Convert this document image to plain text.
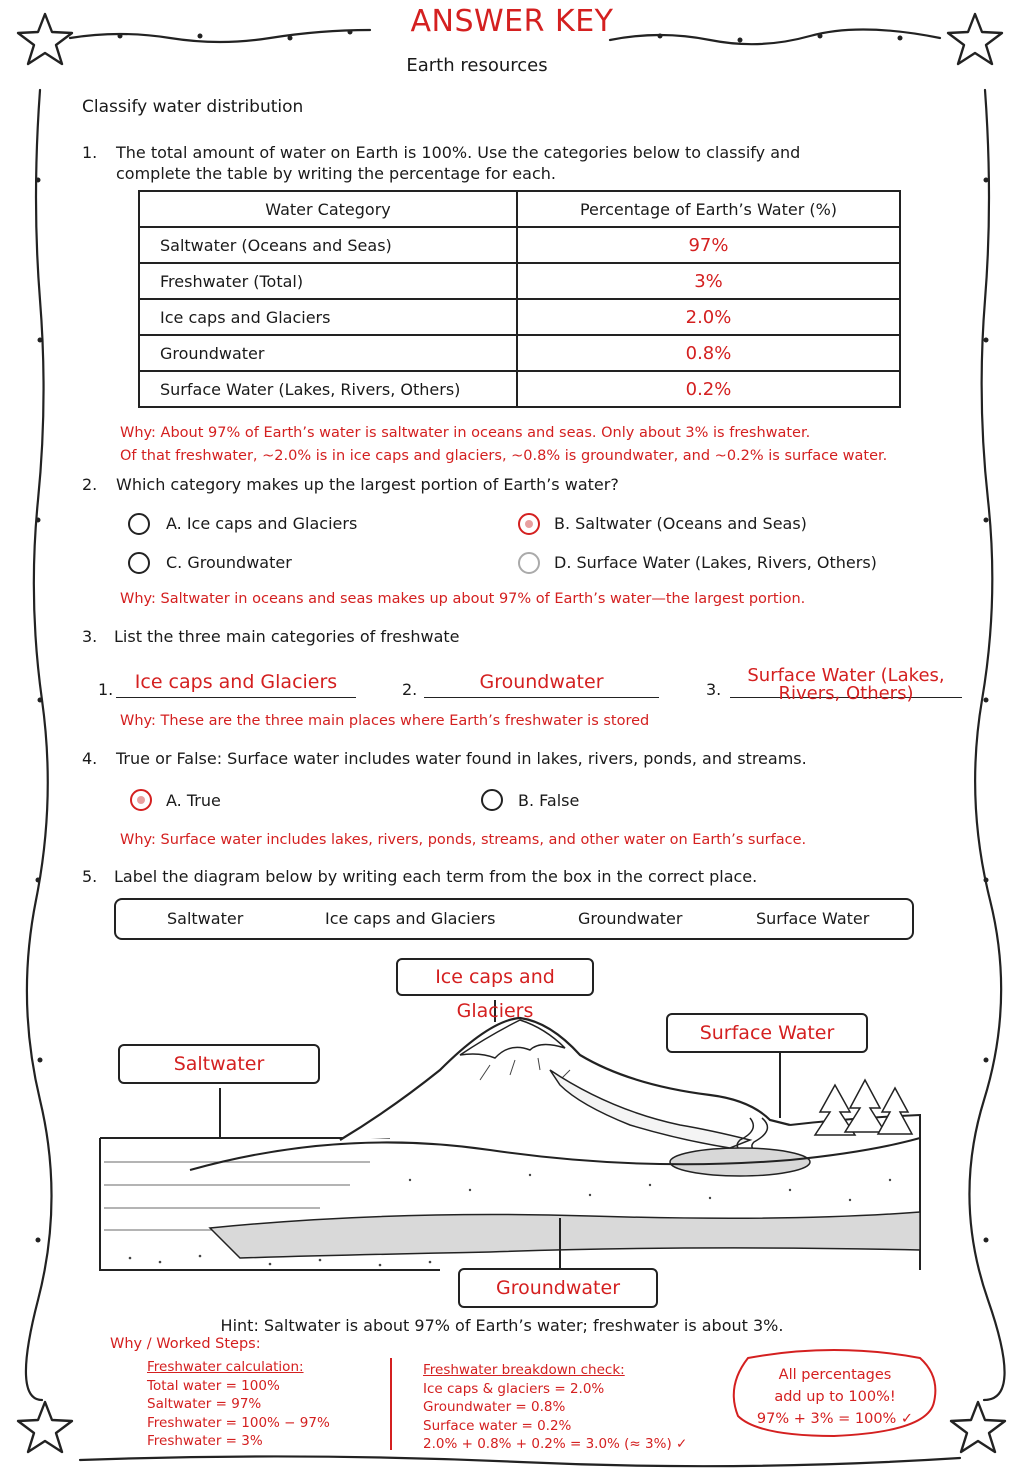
ANSWER KEY
Earth resources
Classify water distribution
1. The total amount of water on Earth is 100%. Use the categories below to classify and
complete the table by writing the percentage for each.
Water Category	Percentage of Earth’s Water (%)
Saltwater (Oceans and Seas)	97%
Freshwater (Total)	3%
Ice caps and Glaciers	2.0%
Groundwater	0.8%
Surface Water (Lakes, Rivers, Others)	0.2%
Why: About 97% of Earth’s water is saltwater in oceans and seas. Only about 3% is freshwater.
Of that freshwater, ~2.0% is in ice caps and glaciers, ~0.8% is groundwater, and ~0.2% is surface water.
2. Which category makes up the largest portion of Earth’s water?
A. Ice caps and Glaciers	B. Saltwater (Oceans and Seas)
C. Groundwater	D. Surface Water (Lakes, Rivers, Others)
Why: Saltwater in oceans and seas makes up about 97% of Earth’s water—the largest portion.
3. List the three main categories of freshwate
1.	Ice caps and Glaciers	2.	Groundwater	3.
Surface Water (Lakes,
Rivers, Others)
Why: These are the three main places where Earth’s freshwater is stored
4. True or False: Surface water includes water found in lakes, rivers, ponds, and streams.
A. True	B. False
Why: Surface water includes lakes, rivers, ponds, streams, and other water on Earth’s surface.
5. Label the diagram below by writing each term from the box in the correct place.
Saltwater	Ice caps and Glaciers	Groundwater	Surface Water
Ice caps and Glaciers
Surface Water
Saltwater
Groundwater
Hint: Saltwater is about 97% of Earth’s water; freshwater is about 3%.
Why / Worked Steps:
Freshwater calculation:
Total water = 100%
Saltwater = 97%
Freshwater = 100% − 97%
Freshwater = 3%
Freshwater breakdown check:
Ice caps & glaciers = 2.0%
Groundwater = 0.8%
Surface water = 0.2%
2.0% + 0.8% + 0.2% = 3.0% (≈ 3%) ✓
All percentages
add up to 100%!
97% + 3% = 100% ✓
